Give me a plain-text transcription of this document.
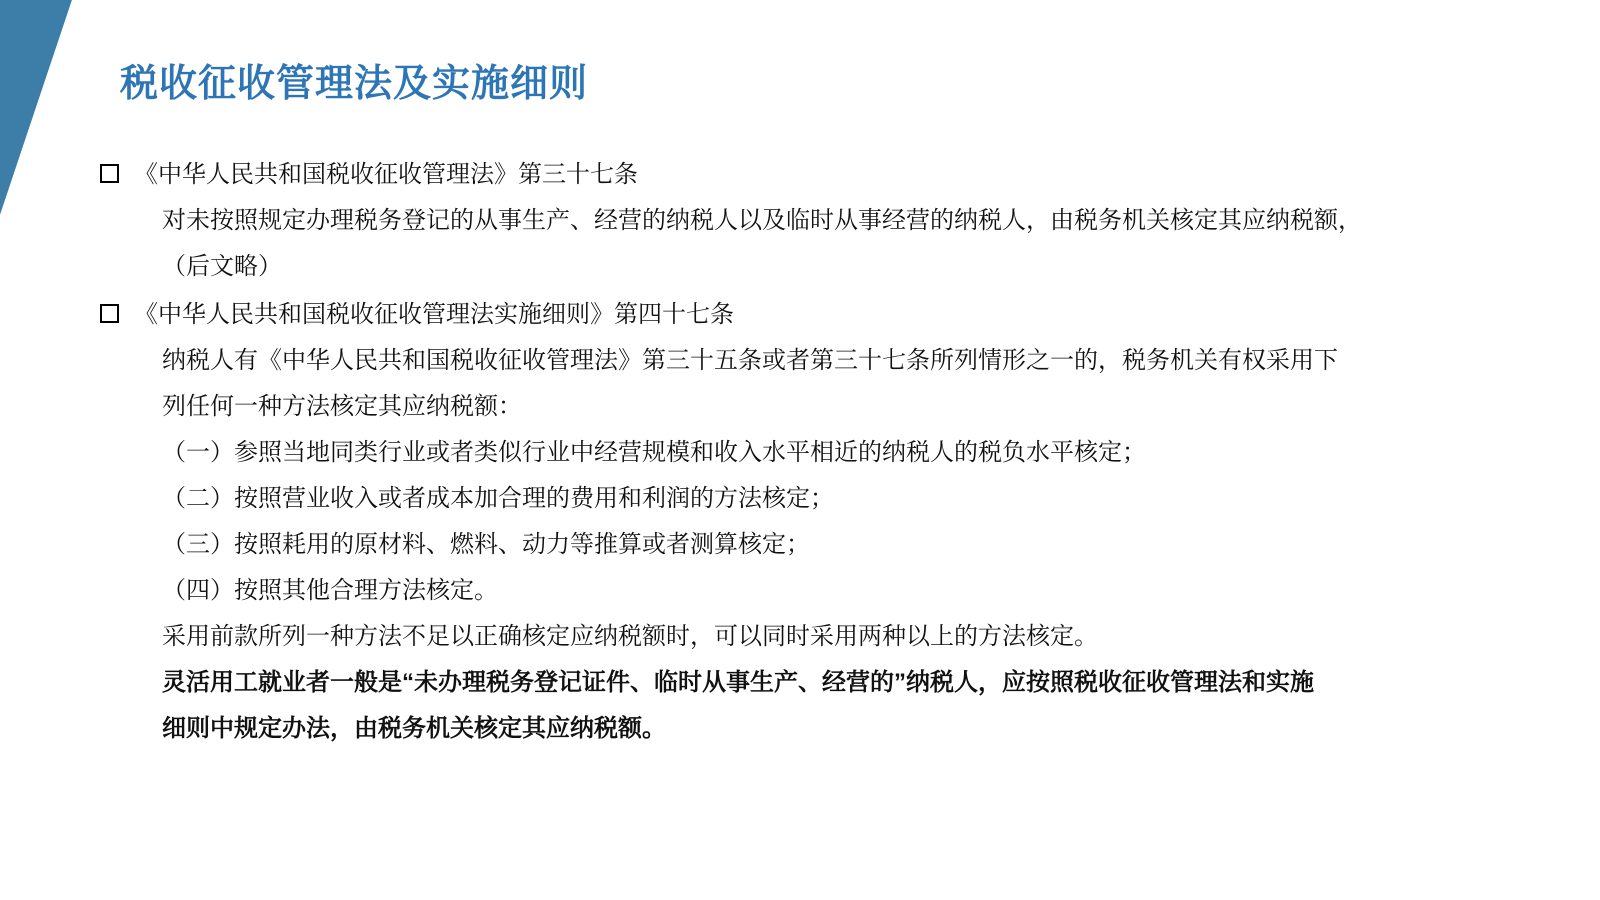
税收征收管理法及实施细则
《中华人民共和国税收征收管理法》第三十七条
对未按照规定办理税务登记的从事生产、经营的纳税人以及临时从事经营的纳税人，由税务机关核定其应纳税额，
（后文略）
《中华人民共和国税收征收管理法实施细则》第四十七条
纳税人有《中华人民共和国税收征收管理法》第三十五条或者第三十七条所列情形之一的，税务机关有权采用下
列任何一种方法核定其应纳税额：
（一）参照当地同类行业或者类似行业中经营规模和收入水平相近的纳税人的税负水平核定；
（二）按照营业收入或者成本加合理的费用和利润的方法核定；
（三）按照耗用的原材料、燃料、动力等推算或者测算核定；
（四）按照其他合理方法核定。
采用前款所列一种方法不足以正确核定应纳税额时，可以同时采用两种以上的方法核定。
灵活用工就业者一般是“未办理税务登记证件、临时从事生产、经营的”纳税人，应按照税收征收管理法和实施
细则中规定办法，由税务机关核定其应纳税额。
